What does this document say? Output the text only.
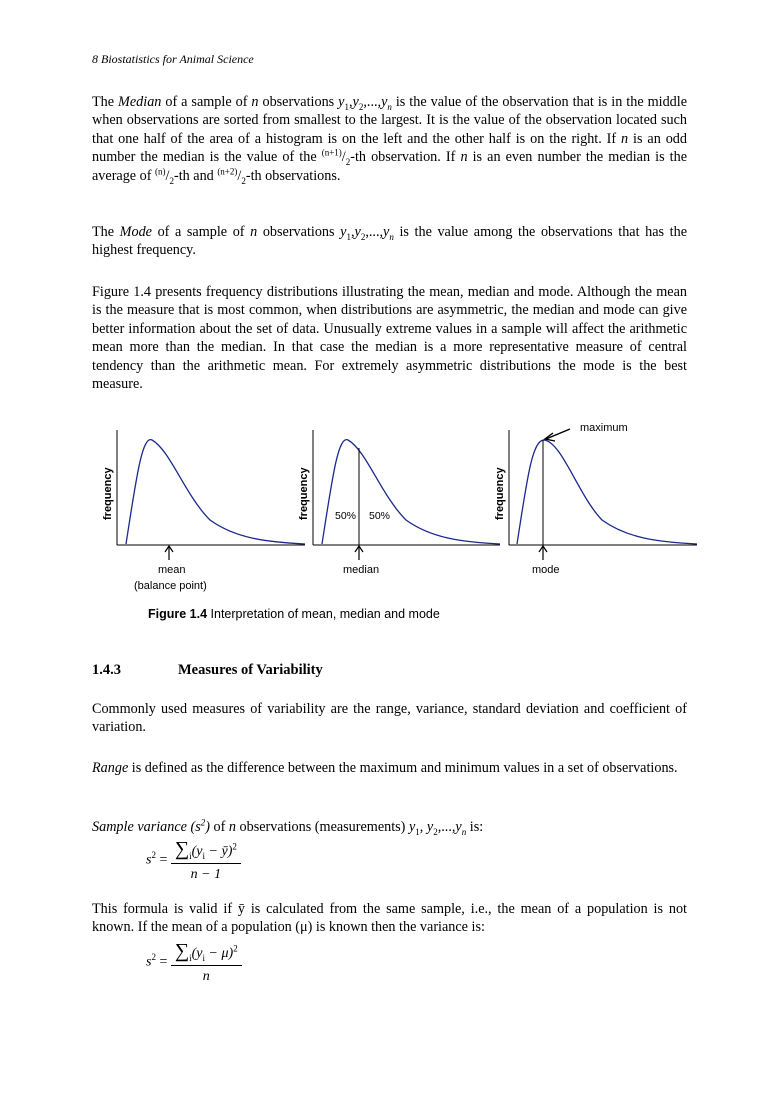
8 Biostatistics for Animal Science
The Median of a sample of n observations $y_1,y_2,...,y_n$ is the value of the observation that is in the middle when observations are sorted from smallest to the largest. It is the value of the observation located such that one half of the area of a histogram is on the left and the other half is on the right. If n is an odd number the median is the value of the $^{(n+1)}/_2-th$ observation. If n is an even number the median is the average of $^{(n)}/_2-th$ and $^{(n+2)}/_2-th$ observations.
The Mode of a sample of n observations $y_1,y_2,...,y_n$ is the value among the observations that has the highest frequency.
Figure 1.4 presents frequency distributions illustrating the mean, median and mode. Although the mean is the measure that is most common, when distributions are asymmetric, the median and mode can give better information about the set of data. Unusually extreme values in a sample will affect the arithmetic mean more than the median. In that case the median is a more representative measure of central tendency than the arithmetic mean. For extremely asymmetric distributions the mode is the best measure.
frequency
mean
(balance point)
frequency 50% 50%
median
frequency
maximum
mode
Figure 1.4 Interpretation of mean, median and mode
1.4.3	Measures of Variability
Commonly used measures of variability are the range, variance, standard deviation and coefficient of variation.
Range is defined as the difference between the maximum and minimum values in a set of observations.
Sample variance $(s^2)$ of n observations (measurements) $y_1$, $y_2,...,y_n$ is:
$s^2 = \frac{\sum_i(y_i - ȳ)^2}{n - 1}$
This formula is valid if ȳ is calculated from the same sample, i.e., the mean of a population is not known. If the mean of a population (μ) is known then the variance is:
$s^2 = \frac{\sum_i(y_i - \mu)^2}{n}$
